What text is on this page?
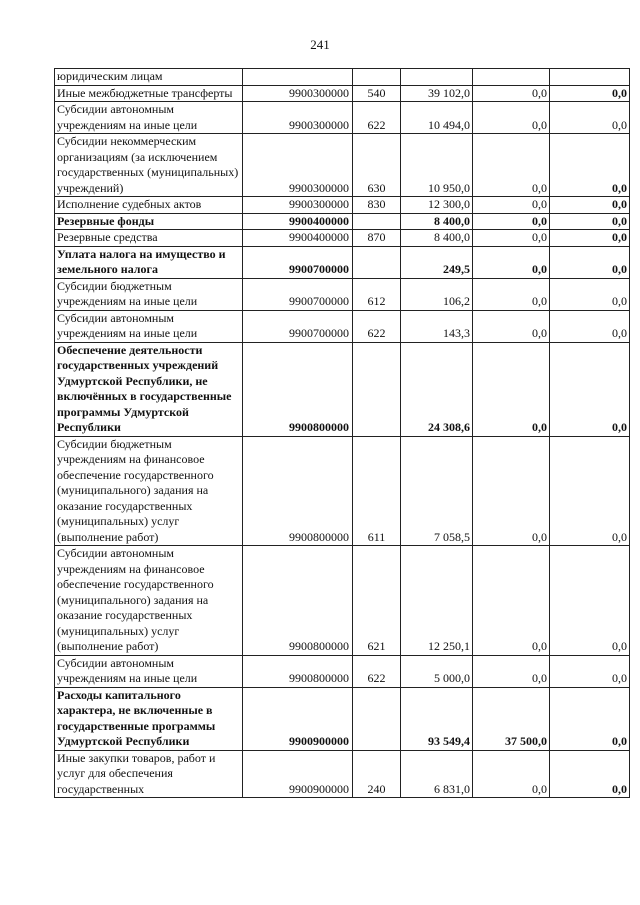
241
юридическим лицам					
Иные межбюджетные трансферты	9900300000	540	39 102,0	0,0	0,0
Субсидии автономным учреждениям на иные цели	9900300000	622	10 494,0	0,0	0,0
Субсидии некоммерческим организациям (за исключением государственных (муниципальных) учреждений)	9900300000	630	10 950,0	0,0	0,0
Исполнение судебных актов	9900300000	830	12 300,0	0,0	0,0
Резервные фонды	9900400000		8 400,0	0,0	0,0
Резервные средства	9900400000	870	8 400,0	0,0	0,0
Уплата налога на имущество и земельного налога	9900700000		249,5	0,0	0,0
Субсидии бюджетным учреждениям на иные цели	9900700000	612	106,2	0,0	0,0
Субсидии автономным учреждениям на иные цели	9900700000	622	143,3	0,0	0,0
Обеспечение деятельности государственных учреждений Удмуртской Республики, не включённых в государственные программы Удмуртской Республики	9900800000		24 308,6	0,0	0,0
Субсидии бюджетным учреждениям на финансовое обеспечение государственного (муниципального) задания на оказание государственных (муниципальных) услуг (выполнение работ)	9900800000	611	7 058,5	0,0	0,0
Субсидии автономным учреждениям на финансовое обеспечение государственного (муниципального) задания на оказание государственных (муниципальных) услуг (выполнение работ)	9900800000	621	12 250,1	0,0	0,0
Субсидии автономным учреждениям на иные цели	9900800000	622	5 000,0	0,0	0,0
Расходы капитального характера, не включенные в государственные программы Удмуртской Республики	9900900000		93 549,4	37 500,0	0,0
Иные закупки товаров, работ и услуг для обеспечения государственных	9900900000	240	6 831,0	0,0	0,0
